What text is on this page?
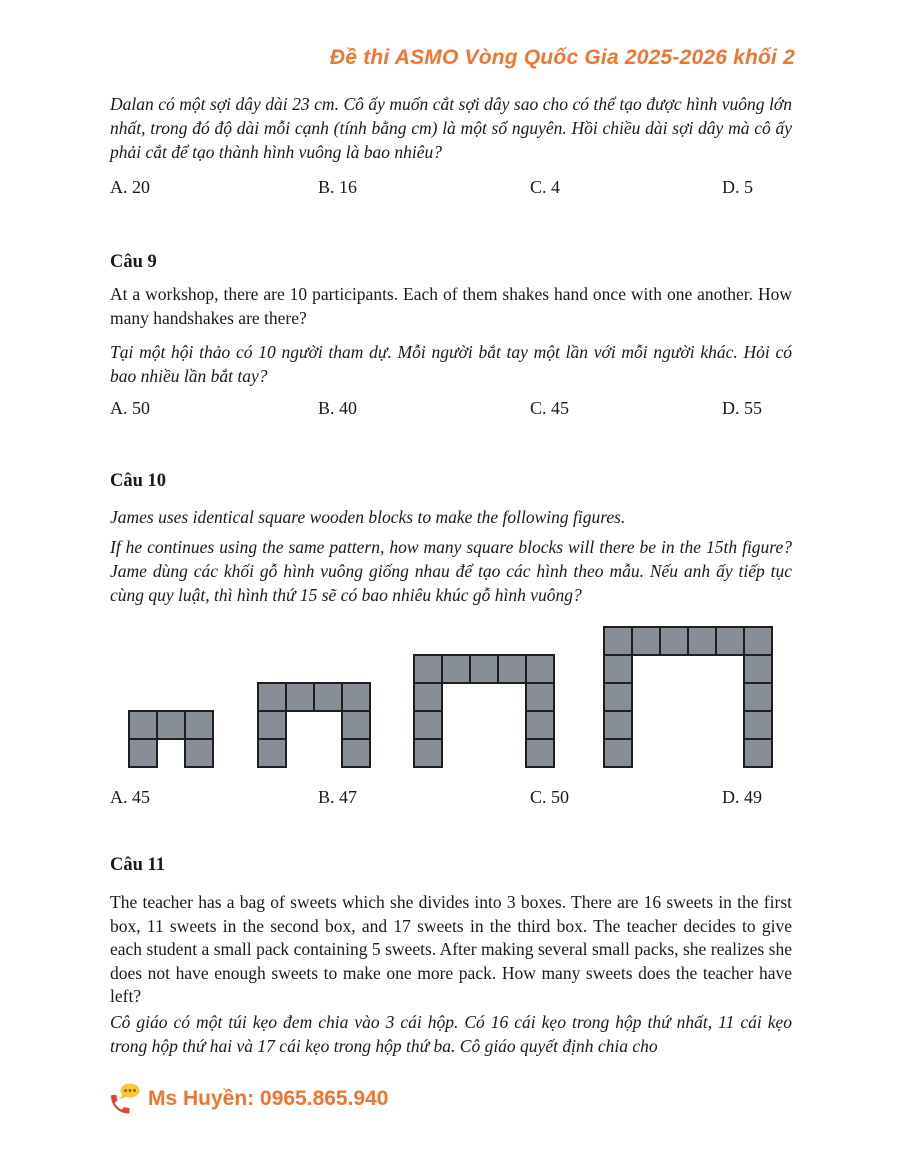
Đề thi ASMO Vòng Quốc Gia 2025-2026 khối 2
Dalan có một sợi dây dài 23 cm. Cô ấy muốn cắt sợi dây sao cho có thể tạo được hình vuông lớn nhất, trong đó độ dài mỗi cạnh (tính bằng cm) là một số nguyên. Hồi chiều dài sợi dây mà cô ấy phải cắt để tạo thành hình vuông là bao nhiêu?
A. 20	B. 16	C. 4	D. 5
Câu 9
At a workshop, there are 10 participants. Each of them shakes hand once with one another. How many handshakes are there?
Tại một hội thảo có 10 người tham dự. Mỗi người bắt tay một lần với mỗi người khác. Hỏi có bao nhiều lần bắt tay?
A. 50	B. 40	C. 45	D. 55
Câu 10
James uses identical square wooden blocks to make the following figures.
If he continues using the same pattern, how many square blocks will there be in the 15th figure? Jame dùng các khối gỗ hình vuông giống nhau để tạo các hình theo mẫu. Nếu anh ấy tiếp tục cùng quy luật, thì hình thứ 15 sẽ có bao nhiêu khúc gỗ hình vuông?
A. 45	B. 47	C. 50	D. 49
Câu 11
The teacher has a bag of sweets which she divides into 3 boxes. There are 16 sweets in the first box, 11 sweets in the second box, and 17 sweets in the third box. The teacher decides to give each student a small pack containing 5 sweets. After making several small packs, she realizes she does not have enough sweets to make one more pack. How many sweets does the teacher have left?
Cô giáo có một túi kẹo đem chia vào 3 cái hộp. Có 16 cái kẹo trong hộp thứ nhất, 11 cái kẹo trong hộp thứ hai và 17 cái kẹo trong hộp thứ ba. Cô giáo quyết định chia cho
Ms Huyền: 0965.865.940
